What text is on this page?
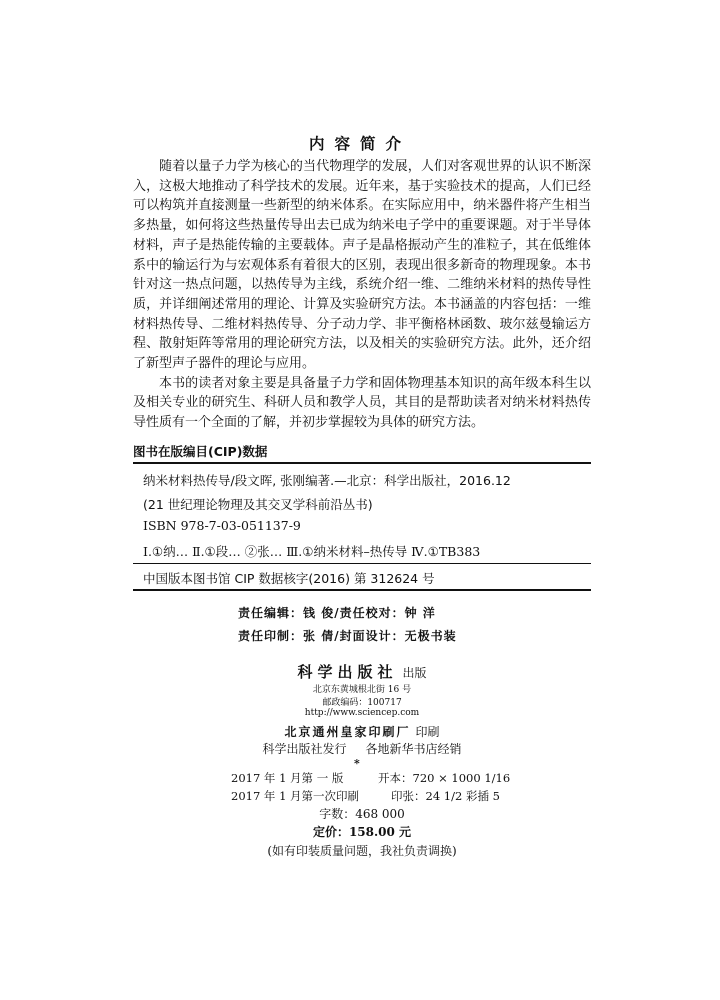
内容简介

随着以量子力学为核心的当代物理学的发展，人们对客观世界的认识不断深入，这极大地推动了科学技术的发展。近年来，基于实验技术的提高，人们已经可以构筑并直接测量一些新型的纳米体系。在实际应用中，纳米器件将产生相当多热量，如何将这些热量传导出去已成为纳米电子学中的重要课题。对于半导体材料，声子是热能传输的主要载体。声子是晶格振动产生的准粒子，其在低维体系中的输运行为与宏观体系有着很大的区别，表现出很多新奇的物理现象。本书针对这一热点问题，以热传导为主线，系统介绍一维、二维纳米材料的热传导性质，并详细阐述常用的理论、计算及实验研究方法。本书涵盖的内容包括：一维材料热传导、二维材料热传导、分子动力学、非平衡格林函数、玻尔兹曼输运方程、散射矩阵等常用的理论研究方法，以及相关的实验研究方法。此外，还介绍了新型声子器件的理论与应用。

本书的读者对象主要是具备量子力学和固体物理基本知识的高年级本科生以及相关专业的研究生、科研人员和教学人员，其目的是帮助读者对纳米材料热传导性质有一个全面的了解，并初步掌握较为具体的研究方法。

图书在版编目(CIP)数据
纳米材料热传导/段文晖, 张刚编著.—北京：科学出版社，2016.12
(21 世纪理论物理及其交叉学科前沿丛书)
ISBN 978-7-03-051137-9
Ⅰ.①纳… Ⅱ.①段… ②张… Ⅲ.①纳米材料–热传导 Ⅳ.①TB383
中国版本图书馆 CIP 数据核字(2016) 第 312624 号
责任编辑：钱 俊/责任校对：钟 洋
责任印制：张 倩/封面设计：无极书装
科学出版社 出版
北京东黄城根北街 16 号
邮政编码：100717
http://www.sciencep.com
北京通州皇家印刷厂 印刷
科学出版社发行 各地新华书店经销
*
2017 年 1 月第 一 版	开本：720 × 1000 1/16
2017 年 1 月第一次印刷	印张：24 1/2 彩插 5
字数：468 000
定价：158.00 元
(如有印装质量问题，我社负责调换)
